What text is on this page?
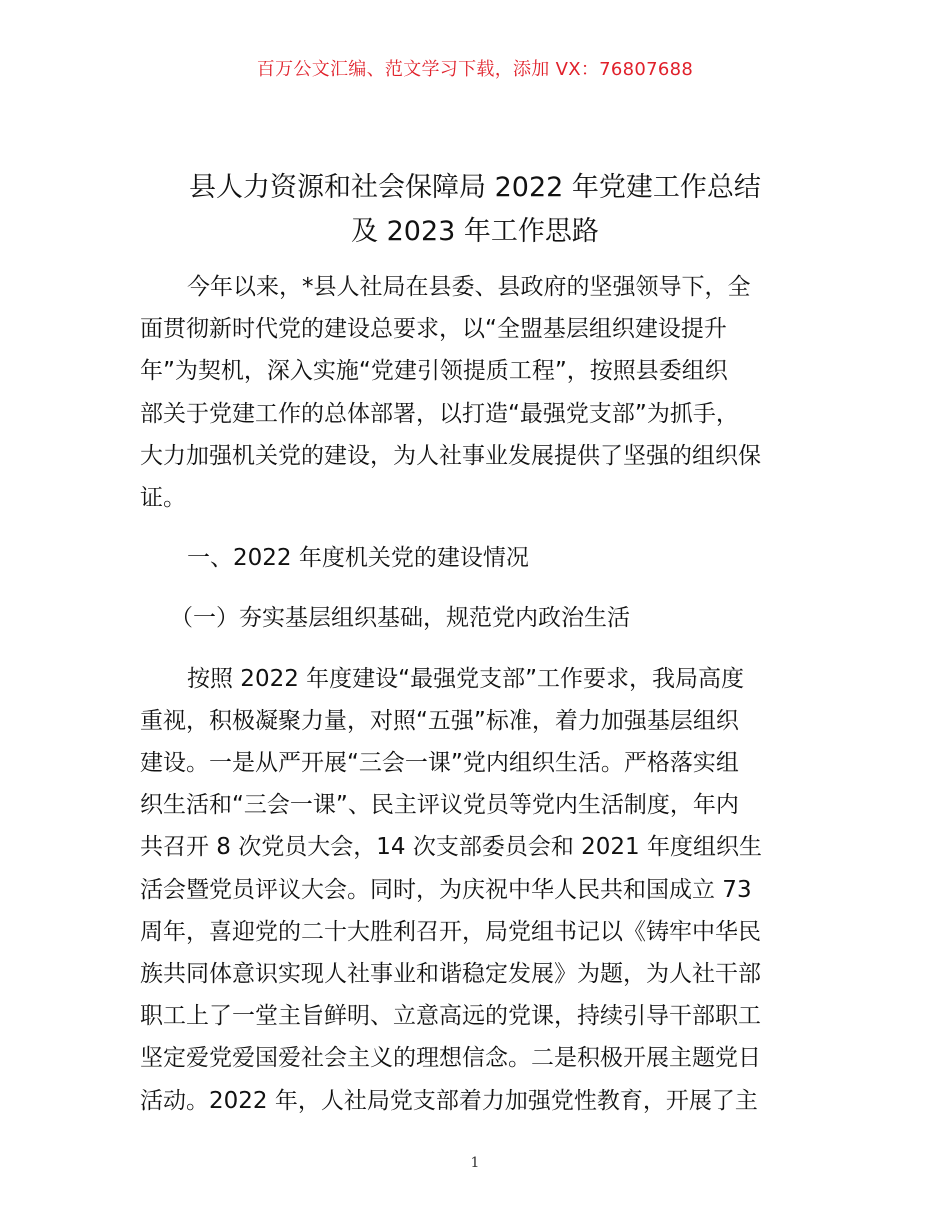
百万公文汇编、范文学习下载，添加 VX：76807688
县人力资源和社会保障局 2022 年党建工作总结
及 2023 年工作思路
今年以来，*县人社局在县委、县政府的坚强领导下，全
面贯彻新时代党的建设总要求，以“全盟基层组织建设提升
年”为契机，深入实施“党建引领提质工程”，按照县委组织
部关于党建工作的总体部署，以打造“最强党支部”为抓手，
大力加强机关党的建设，为人社事业发展提供了坚强的组织保
证。
一、2022 年度机关党的建设情况
（一）夯实基层组织基础，规范党内政治生活
按照 2022 年度建设“最强党支部”工作要求，我局高度
重视，积极凝聚力量，对照“五强”标准，着力加强基层组织
建设。一是从严开展“三会一课”党内组织生活。严格落实组
织生活和“三会一课”、民主评议党员等党内生活制度，年内
共召开 8 次党员大会，14 次支部委员会和 2021 年度组织生
活会暨党员评议大会。同时，为庆祝中华人民共和国成立 73
周年，喜迎党的二十大胜利召开，局党组书记以《铸牢中华民
族共同体意识实现人社事业和谐稳定发展》为题，为人社干部
职工上了一堂主旨鲜明、立意高远的党课，持续引导干部职工
坚定爱党爱国爱社会主义的理想信念。二是积极开展主题党日
活动。2022 年，人社局党支部着力加强党性教育，开展了主
1
